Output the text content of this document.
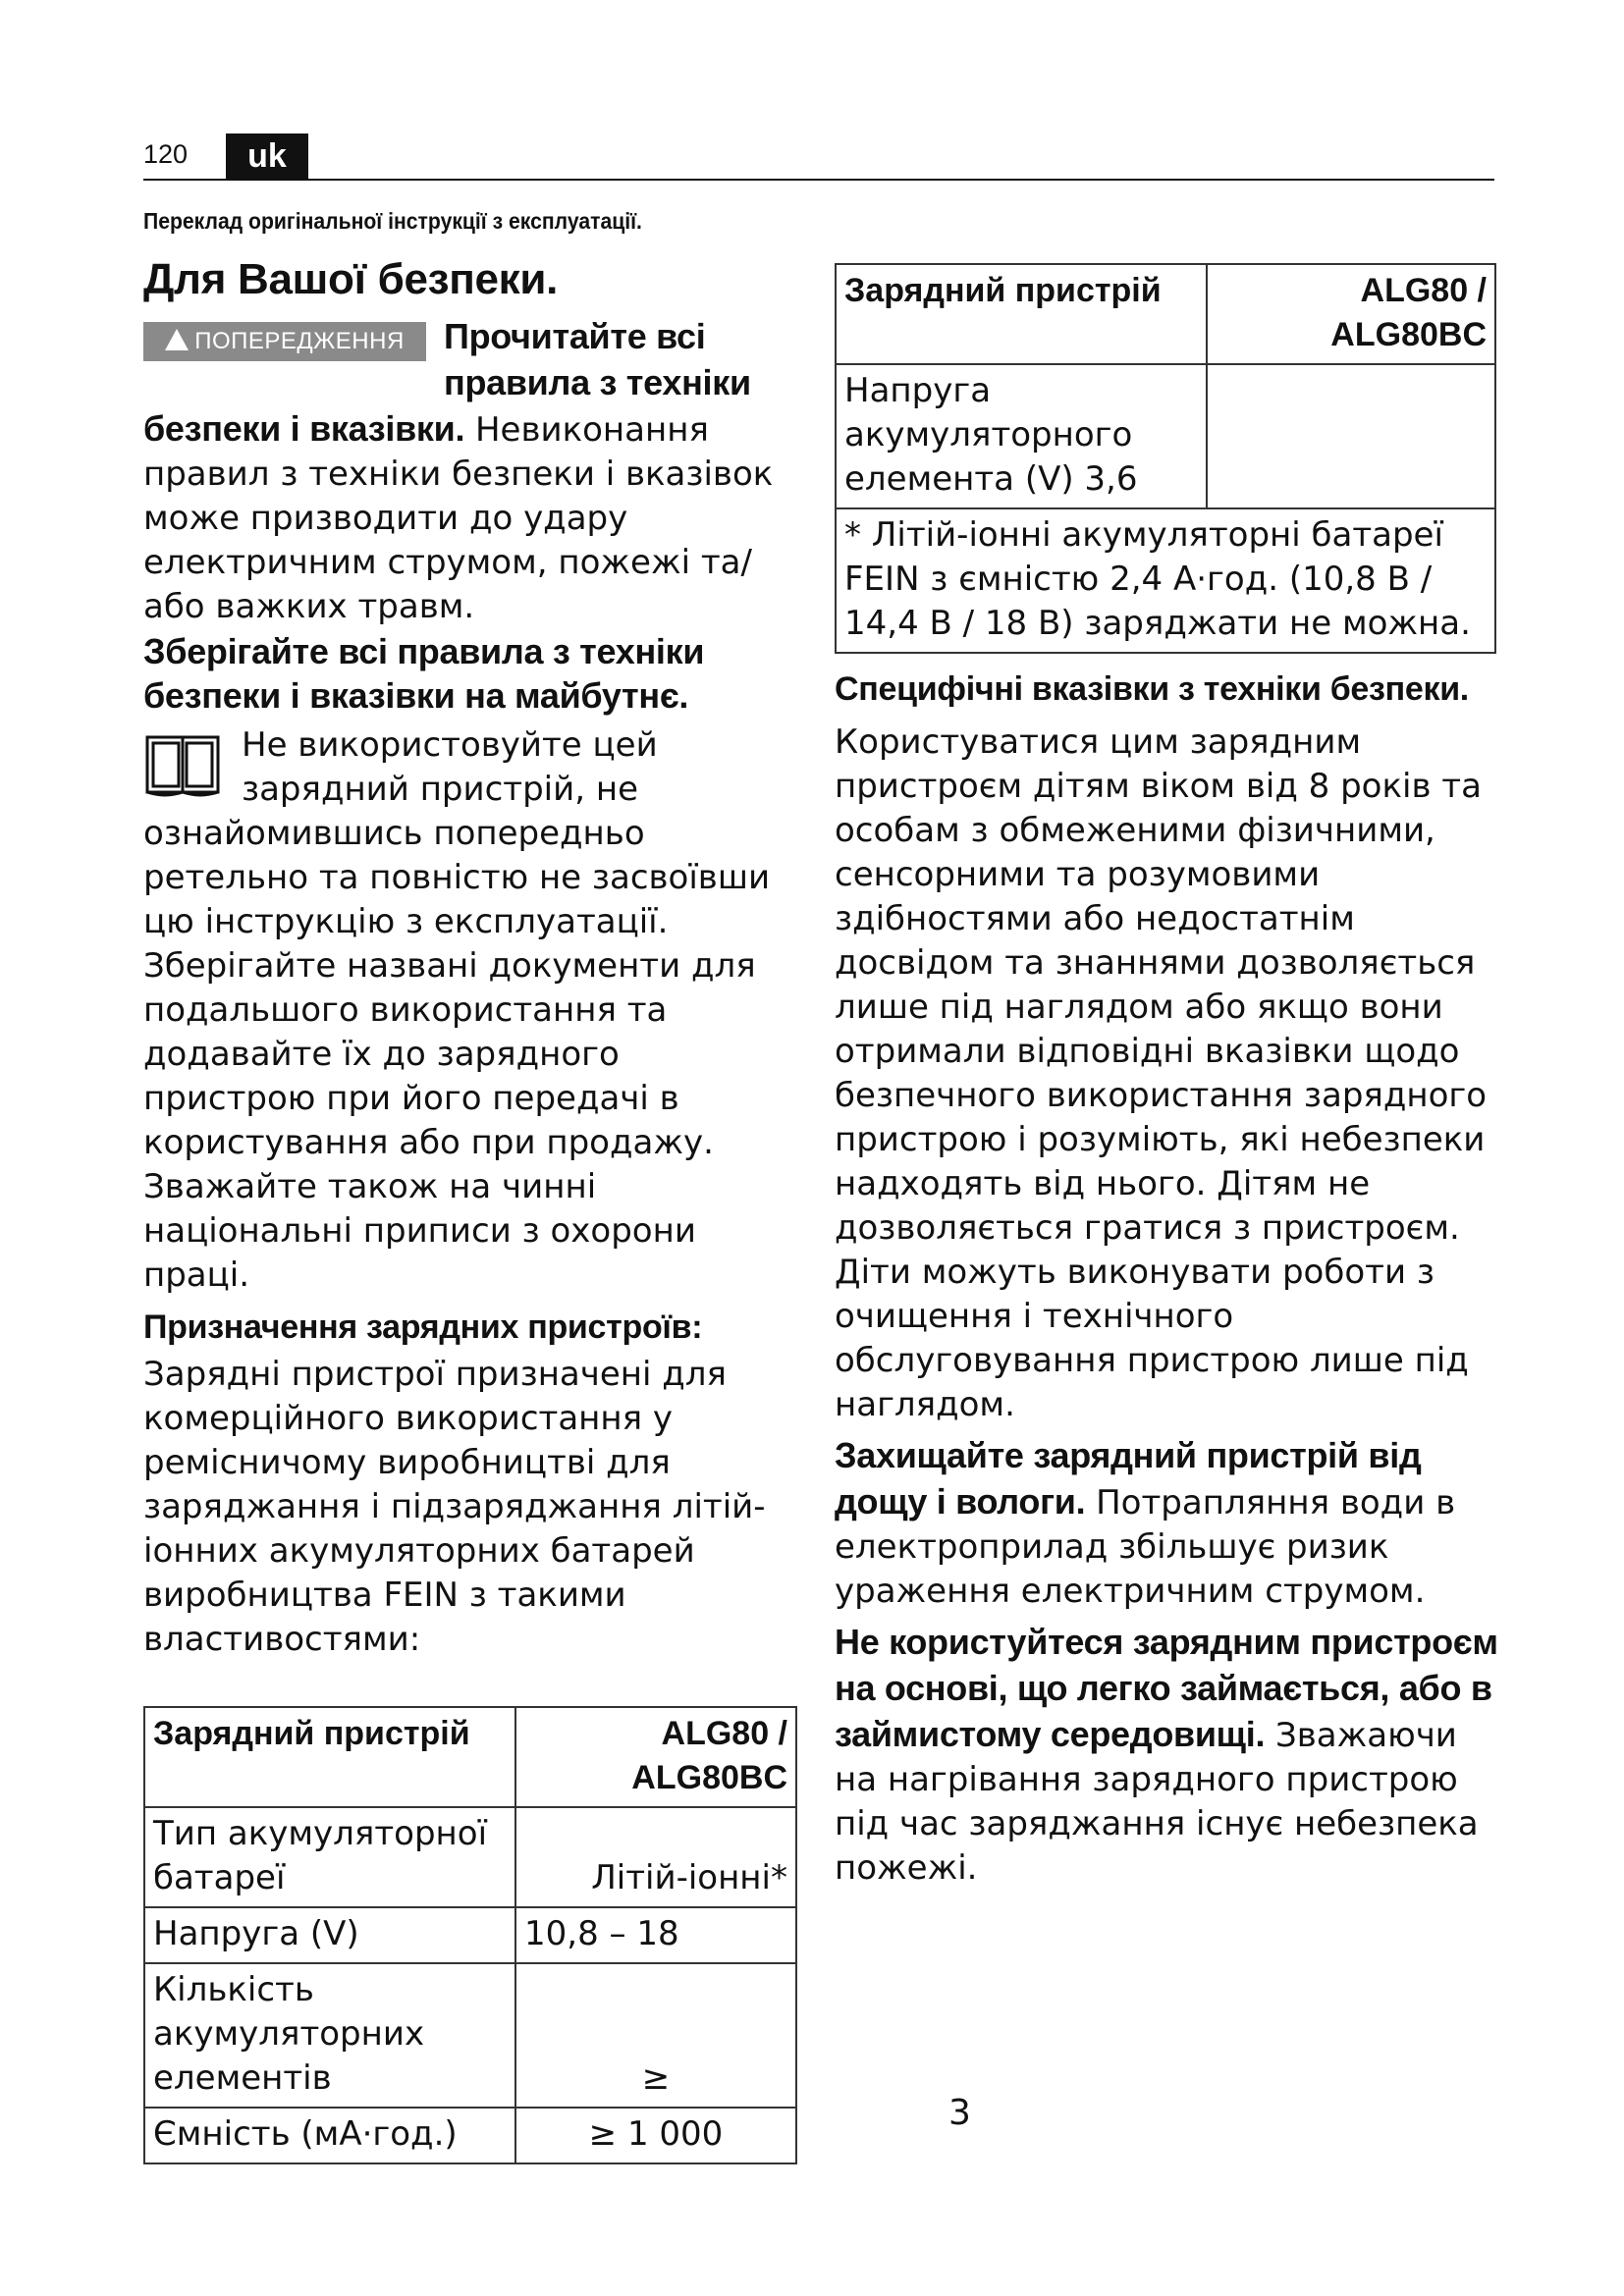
120	uk
Переклад оригінальної інструкції з експлуатації.
Для Вашої безпеки.
ПОПЕРЕДЖЕННЯ	Прочитайте всі правила з техніки безпеки і вказівки. Невиконання правил з техніки безпеки і вказівок може призводити до удару електричним струмом, пожежі та/або важких травм.

Зберігайте всі правила з техніки безпеки і вказівки на майбутнє.

Не використовуйте цей зарядний пристрій, не ознайомившись попередньо ретельно та повністю не засвоївши цю інструкцію з експлуатації. Зберігайте названі документи для подальшого використання та додавайте їх до зарядного пристрою при його передачі в користування або при продажу.

Зважайте також на чинні національні приписи з охорони праці.

Призначення зарядних пристроїв:

Зарядні пристрої призначені для комерційного використання у ремісничому виробництві для заряджання і підзаряджання літій-іонних акумуляторних батарей виробництва FEIN з такими властивостями:

Зарядний пристрій	ALG80 / ALG80BC
Тип акумуляторної батареї	Літій-іонні*
Напруга (V)	10,8 – 18
Кількість акумуляторних елементів	≥
Ємність (мА·год.)	≥ 1 000
Зарядний пристрій	ALG80 / ALG80BC
Напруга акумуляторного елемента (V) 3,6	
* Літій-іонні акумуляторні батареї FEIN з ємністю 2,4 А·год. (10,8 В / 14,4 В / 18 В) заряджати не можна.	
Специфічні вказівки з техніки безпеки.

Користуватися цим зарядним пристроєм дітям віком від 8 років та особам з обмеженими фізичними, сенсорними та розумовими здібностями або недостатнім досвідом та знаннями дозволяється лише під наглядом або якщо вони отримали відповідні вказівки щодо безпечного використання зарядного пристрою і розуміють, які небезпеки надходять від нього. Дітям не дозволяється гратися з пристроєм. Діти можуть виконувати роботи з очищення і технічного обслуговування пристрою лише під наглядом.

Захищайте зарядний пристрій від дощу і вологи. Потрапляння води в електроприлад збільшує ризик ураження електричним струмом.

Не користуйтеся зарядним пристроєм на основі, що легко займається, або в займистому середовищі. Зважаючи на нагрівання зарядного пристрою під час заряджання існує небезпека пожежі.

3
